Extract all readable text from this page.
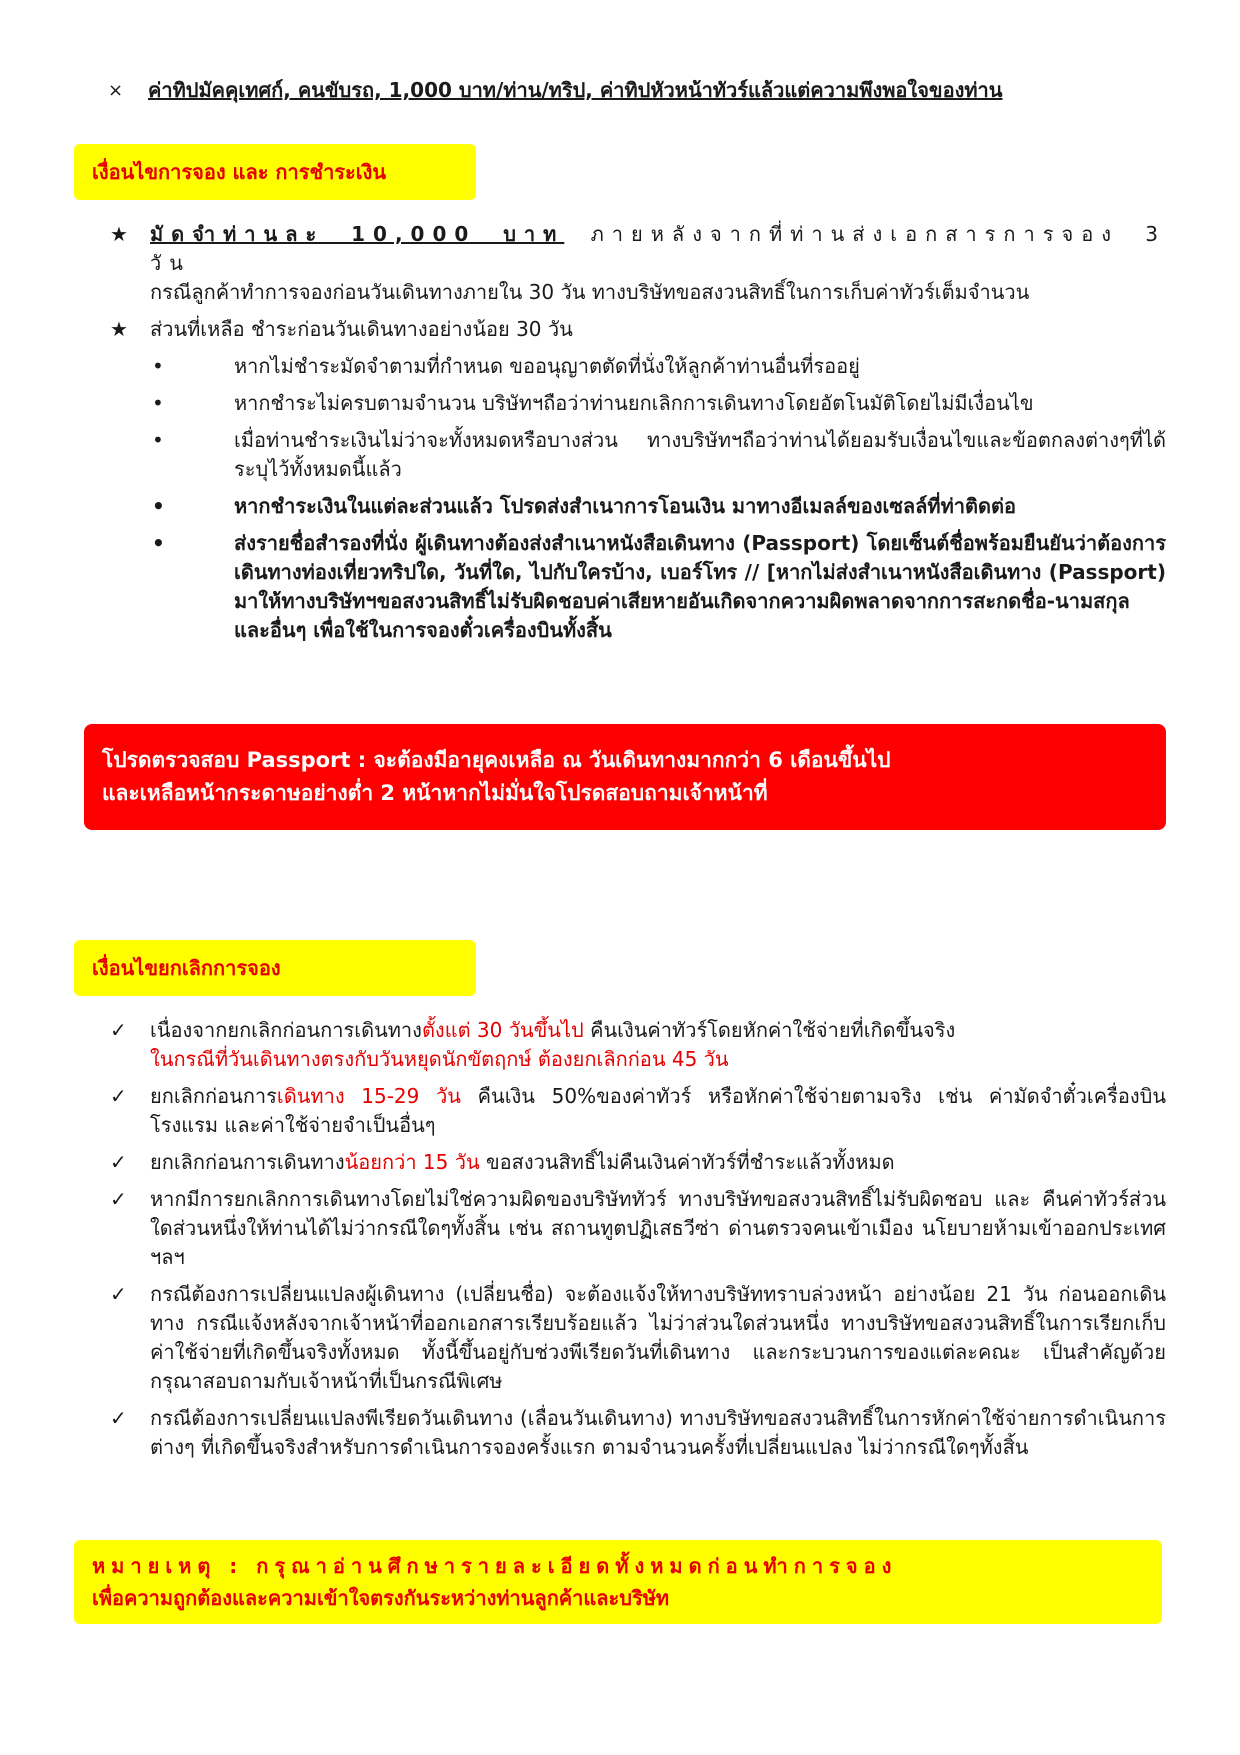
×	ค่าทิปมัคคุเทศก์, คนขับรถ, 1,000 บาท/ท่าน/ทริป, ค่าทิปหัวหน้าทัวร์แล้วแต่ความพึงพอใจของท่าน
เงื่อนไขการจอง และ การชำระเงิน
★	มัดจำท่านละ 10,000 บาท ภายหลังจากที่ท่านส่งเอกสารการจอง 3 วัน
กรณีลูกค้าทำการจองก่อนวันเดินทางภายใน 30 วัน ทางบริษัทขอสงวนสิทธิ์ในการเก็บค่าทัวร์เต็มจำนวน
★	ส่วนที่เหลือ ชำระก่อนวันเดินทางอย่างน้อย 30 วัน
•	หากไม่ชำระมัดจำตามที่กำหนด ขออนุญาตตัดที่นั่งให้ลูกค้าท่านอื่นที่รออยู่
•	หากชำระไม่ครบตามจำนวน บริษัทฯถือว่าท่านยกเลิกการเดินทางโดยอัตโนมัติโดยไม่มีเงื่อนไข
•	เมื่อท่านชำระเงินไม่ว่าจะทั้งหมดหรือบางส่วน ทางบริษัทฯถือว่าท่านได้ยอมรับเงื่อนไขและข้อตกลงต่างๆที่ได้ระบุไว้ทั้งหมดนี้แล้ว
•	หากชำระเงินในแต่ละส่วนแล้ว โปรดส่งสำเนาการโอนเงิน มาทางอีเมลล์ของเซลล์ที่ท่าติดต่อ
•	ส่งรายชื่อสำรองที่นั่ง ผู้เดินทางต้องส่งสำเนาหนังสือเดินทาง (Passport) โดยเซ็นต์ชื่อพร้อมยืนยันว่าต้องการเดินทางท่องเที่ยวทริปใด, วันที่ใด, ไปกับใครบ้าง, เบอร์โทร // [หากไม่ส่งสำเนาหนังสือเดินทาง (Passport) มาให้ทางบริษัทฯขอสงวนสิทธิ์ไม่รับผิดชอบค่าเสียหายอันเกิดจากความผิดพลาดจากการสะกดชื่อ-นามสกุล และอื่นๆ เพื่อใช้ในการจองตั๋วเครื่องบินทั้งสิ้น
โปรดตรวจสอบ Passport : จะต้องมีอายุคงเหลือ ณ วันเดินทางมากกว่า 6 เดือนขึ้นไป
และเหลือหน้ากระดาษอย่างต่ำ 2 หน้าหากไม่มั่นใจโปรดสอบถามเจ้าหน้าที่
เงื่อนไขยกเลิกการจอง
✓	เนื่องจากยกเลิกก่อนการเดินทางตั้งแต่ 30 วันขึ้นไป คืนเงินค่าทัวร์โดยหักค่าใช้จ่ายที่เกิดขึ้นจริง
ในกรณีที่วันเดินทางตรงกับวันหยุดนักขัตฤกษ์ ต้องยกเลิกก่อน 45 วัน
✓	ยกเลิกก่อนการเดินทาง 15-29 วัน คืนเงิน 50%ของค่าทัวร์ หรือหักค่าใช้จ่ายตามจริง เช่น ค่ามัดจำตั๋วเครื่องบิน โรงแรม และค่าใช้จ่ายจำเป็นอื่นๆ
✓	ยกเลิกก่อนการเดินทางน้อยกว่า 15 วัน ขอสงวนสิทธิ์ไม่คืนเงินค่าทัวร์ที่ชำระแล้วทั้งหมด
✓	หากมีการยกเลิกการเดินทางโดยไม่ใช่ความผิดของบริษัททัวร์ ทางบริษัทขอสงวนสิทธิ์ไม่รับผิดชอบ และ คืนค่าทัวร์ส่วนใดส่วนหนึ่งให้ท่านได้ไม่ว่ากรณีใดๆทั้งสิ้น เช่น สถานทูตปฏิเสธวีซ่า ด่านตรวจคนเข้าเมือง นโยบายห้ามเข้าออกประเทศฯลฯ
✓	กรณีต้องการเปลี่ยนแปลงผู้เดินทาง (เปลี่ยนชื่อ) จะต้องแจ้งให้ทางบริษัททราบล่วงหน้า อย่างน้อย 21 วัน ก่อนออกเดินทาง กรณีแจ้งหลังจากเจ้าหน้าที่ออกเอกสารเรียบร้อยแล้ว ไม่ว่าส่วนใดส่วนหนึ่ง ทางบริษัทขอสงวนสิทธิ์ในการเรียกเก็บค่าใช้จ่ายที่เกิดขึ้นจริงทั้งหมด ทั้งนี้ขึ้นอยู่กับช่วงพีเรียดวันที่เดินทาง และกระบวนการของแต่ละคณะ เป็นสำคัญด้วย กรุณาสอบถามกับเจ้าหน้าที่เป็นกรณีพิเศษ
✓	กรณีต้องการเปลี่ยนแปลงพีเรียดวันเดินทาง (เลื่อนวันเดินทาง) ทางบริษัทขอสงวนสิทธิ์ในการหักค่าใช้จ่ายการดำเนินการต่างๆ ที่เกิดขึ้นจริงสำหรับการดำเนินการจองครั้งแรก ตามจำนวนครั้งที่เปลี่ยนแปลง ไม่ว่ากรณีใดๆทั้งสิ้น
หมายเหตุ : กรุณาอ่านศึกษารายละเอียดทั้งหมดก่อนทำการจอง
เพื่อความถูกต้องและความเข้าใจตรงกันระหว่างท่านลูกค้าและบริษัท
